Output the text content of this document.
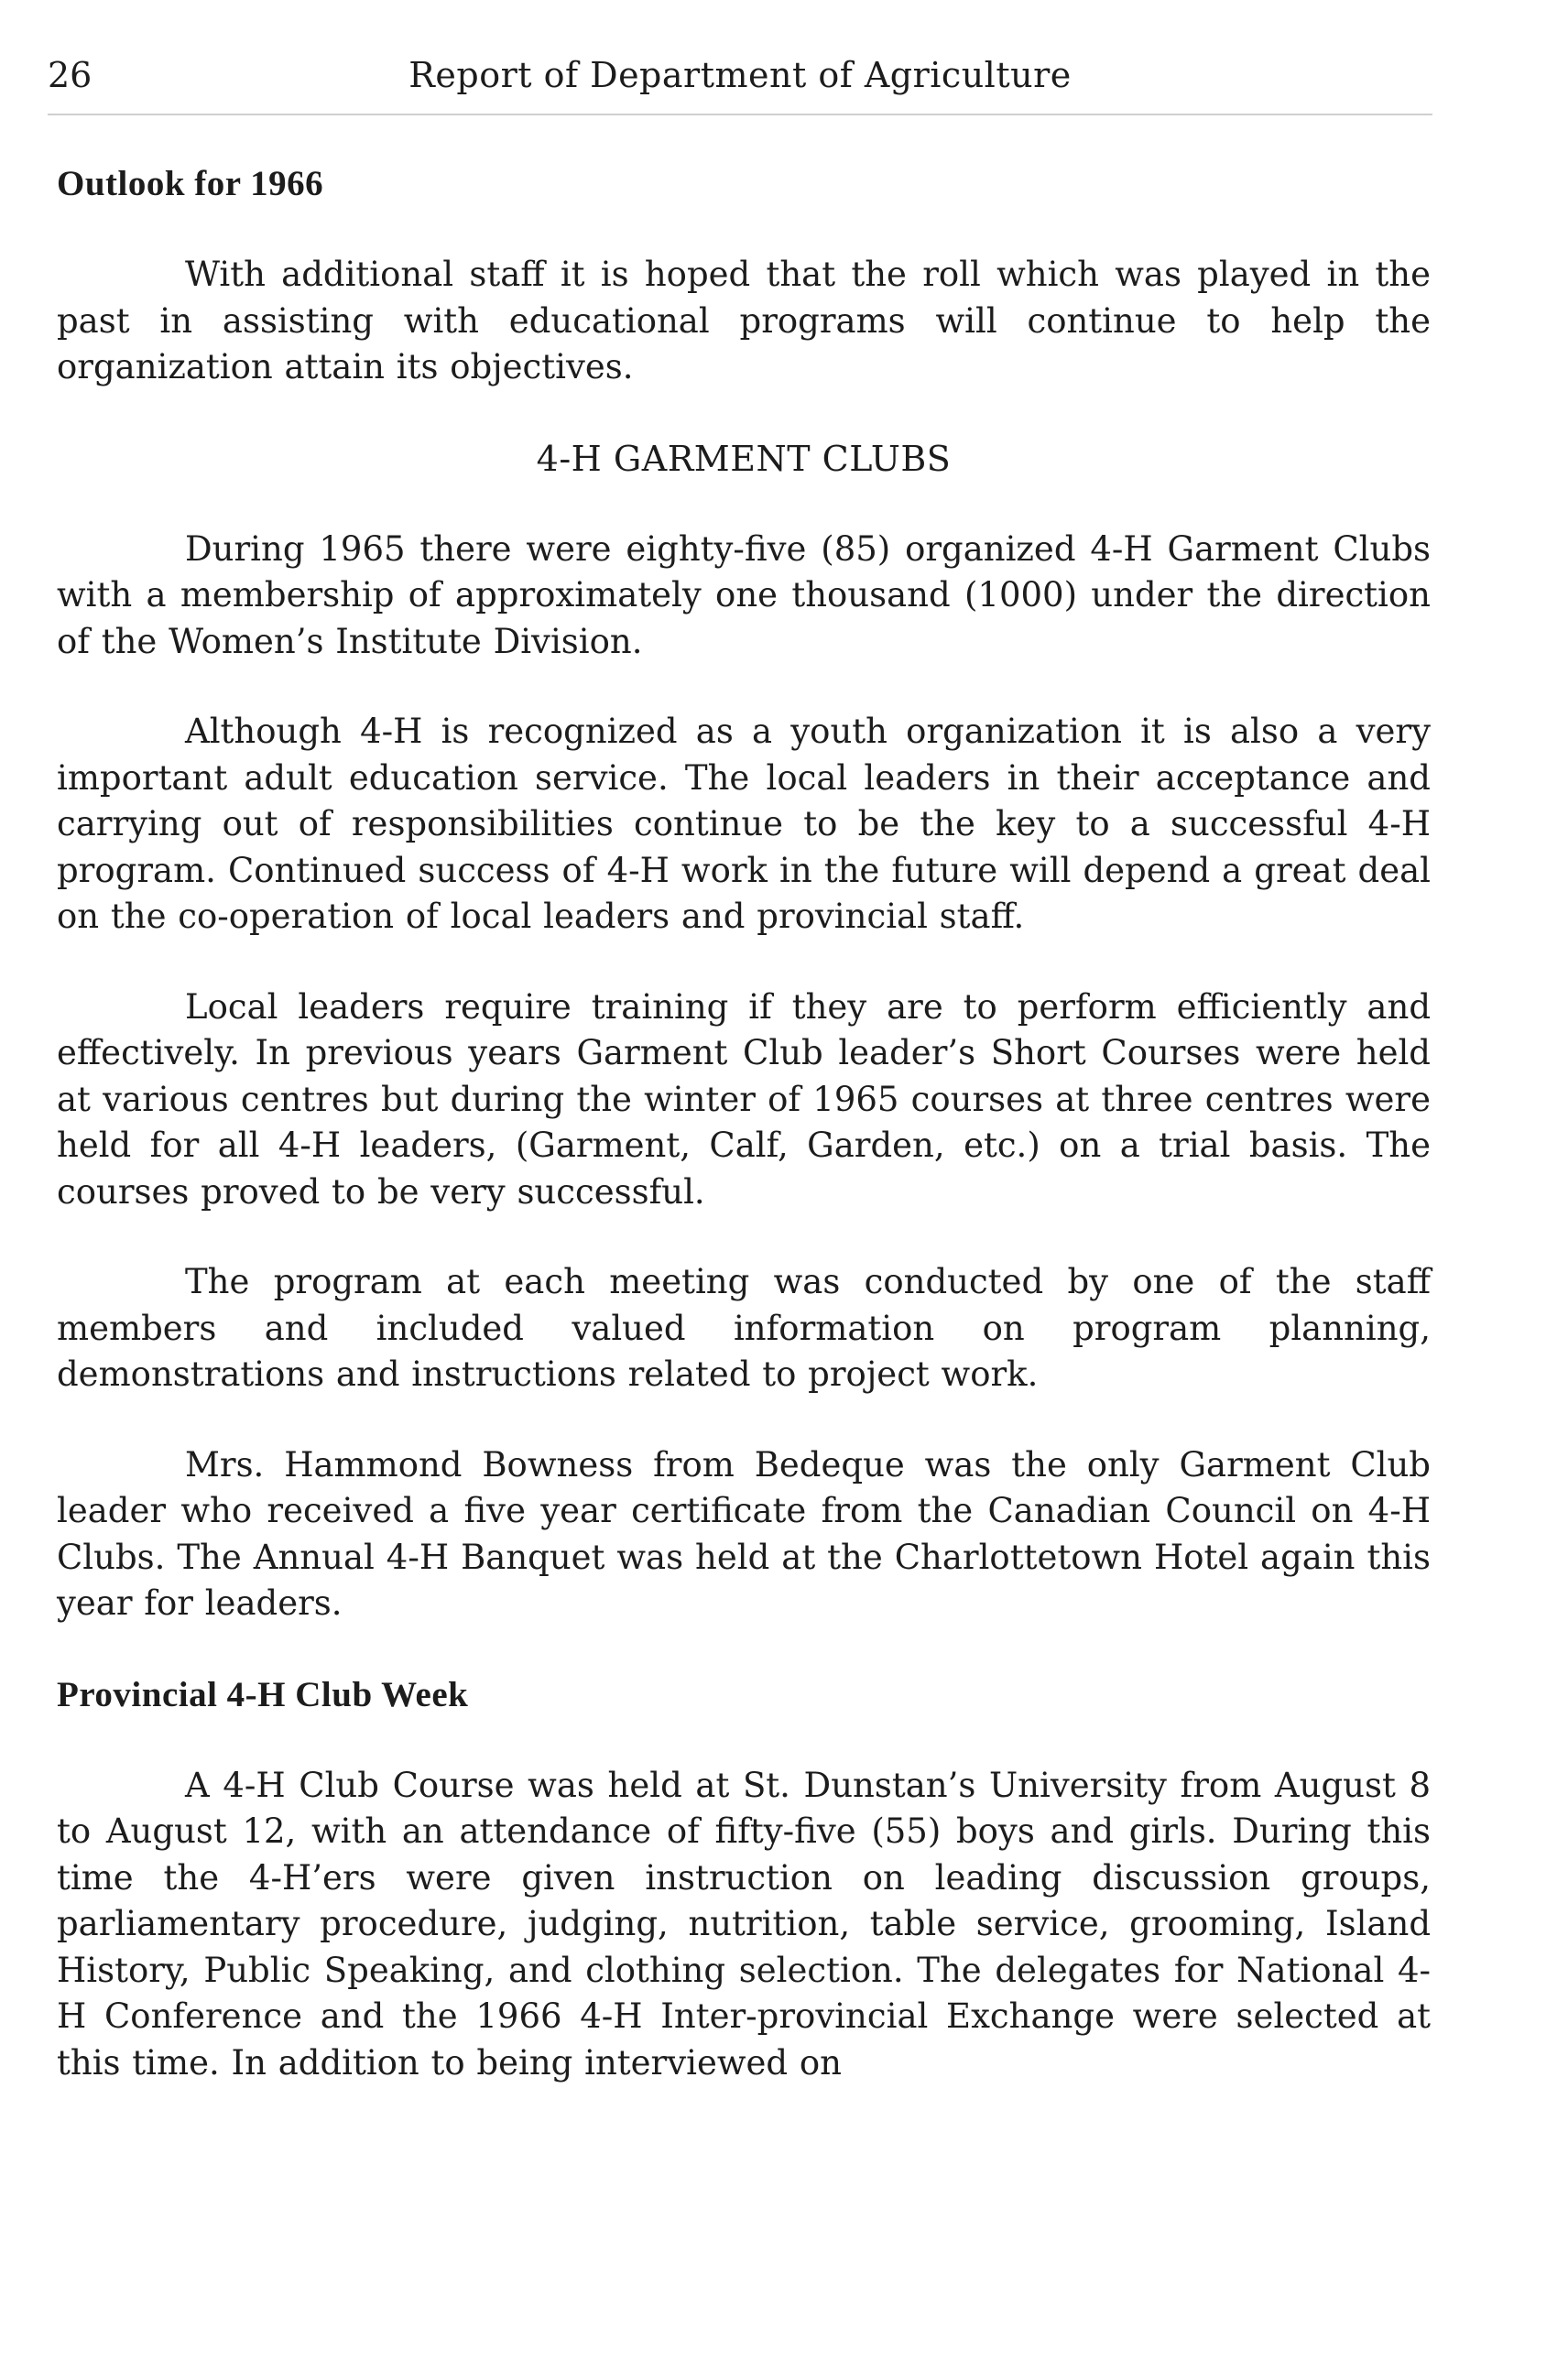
26	Report of Department of Agriculture
Outlook for 1966

With additional staff it is hoped that the roll which was played in the past in assisting with educational programs will continue to help the organization attain its objectives.

4-H GARMENT CLUBS

During 1965 there were eighty-five (85) organized 4-H Garment Clubs with a membership of approximately one thousand (1000) under the direction of the Women’s Institute Division.

Although 4-H is recognized as a youth organization it is also a very important adult education service. The local leaders in their acceptance and carrying out of responsibilities continue to be the key to a successful 4-H program. Continued success of 4-H work in the future will depend a great deal on the co-operation of local leaders and provincial staff.

Local leaders require training if they are to perform efficiently and effectively. In previous years Garment Club leader’s Short Courses were held at various centres but during the winter of 1965 courses at three centres were held for all 4-H leaders, (Garment, Calf, Garden, etc.) on a trial basis. The courses proved to be very successful.

The program at each meeting was conducted by one of the staff members and included valued information on program planning, demonstrations and instructions related to project work.

Mrs. Hammond Bowness from Bedeque was the only Garment Club leader who received a five year certificate from the Canadian Council on 4-H Clubs. The Annual 4-H Banquet was held at the Charlottetown Hotel again this year for leaders.

Provincial 4-H Club Week

A 4-H Club Course was held at St. Dunstan’s University from August 8 to August 12, with an attendance of fifty-five (55) boys and girls. During this time the 4-H’ers were given instruction on leading discussion groups, parliamentary procedure, judging, nutrition, table service, grooming, Island History, Public Speaking, and clothing selection. The delegates for National 4-H Conference and the 1966 4-H Inter-provincial Exchange were selected at this time. In addition to being interviewed on
